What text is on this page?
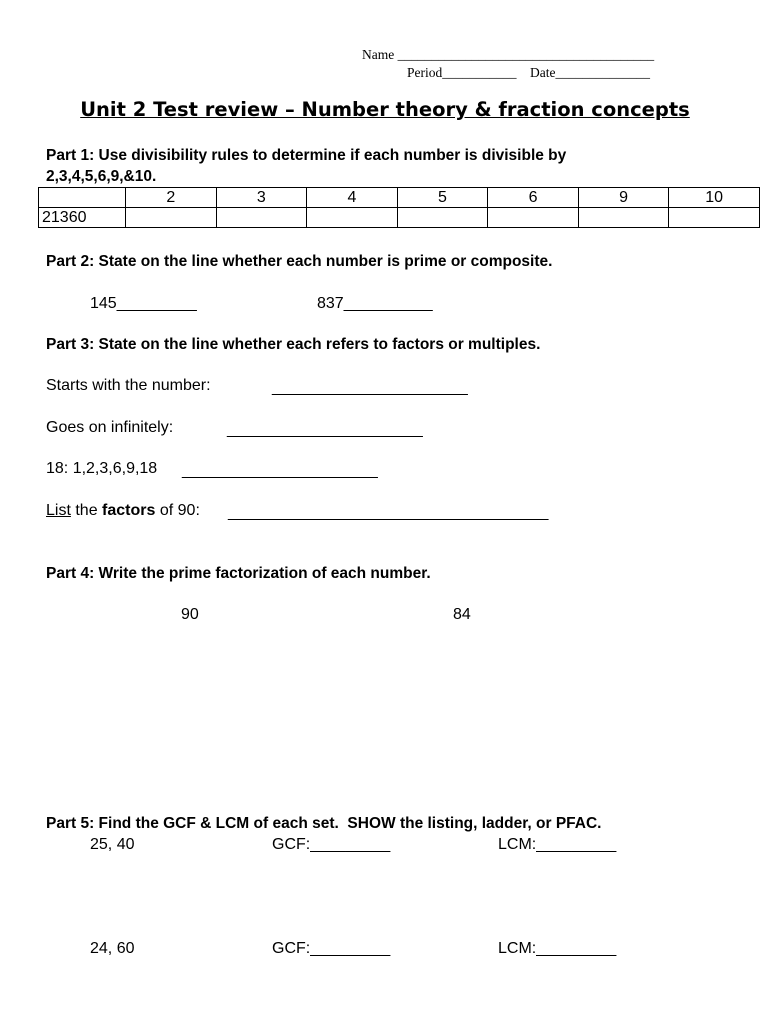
Name ______________________________________
Period___________    Date______________
Unit 2 Test review – Number theory & fraction concepts
Part 1: Use divisibility rules to determine if each number is divisible by
2,3,4,5,6,9,&10.
	2	3	4	5	6	9	10
21360							
Part 2: State on the line whether each number is prime or composite.
145_________	837__________
Part 3: State on the line whether each refers to factors or multiples.
Starts with the number:	______________________
Goes on infinitely:	______________________
18: 1,2,3,6,9,18 ______________________
List the factors of 90: ____________________________________
Part 4: Write the prime factorization of each number.
90	84
Part 5: Find the GCF & LCM of each set.  SHOW the listing, ladder, or PFAC.
25, 40	GCF:_________	LCM:_________
24, 60	GCF:_________	LCM:_________
